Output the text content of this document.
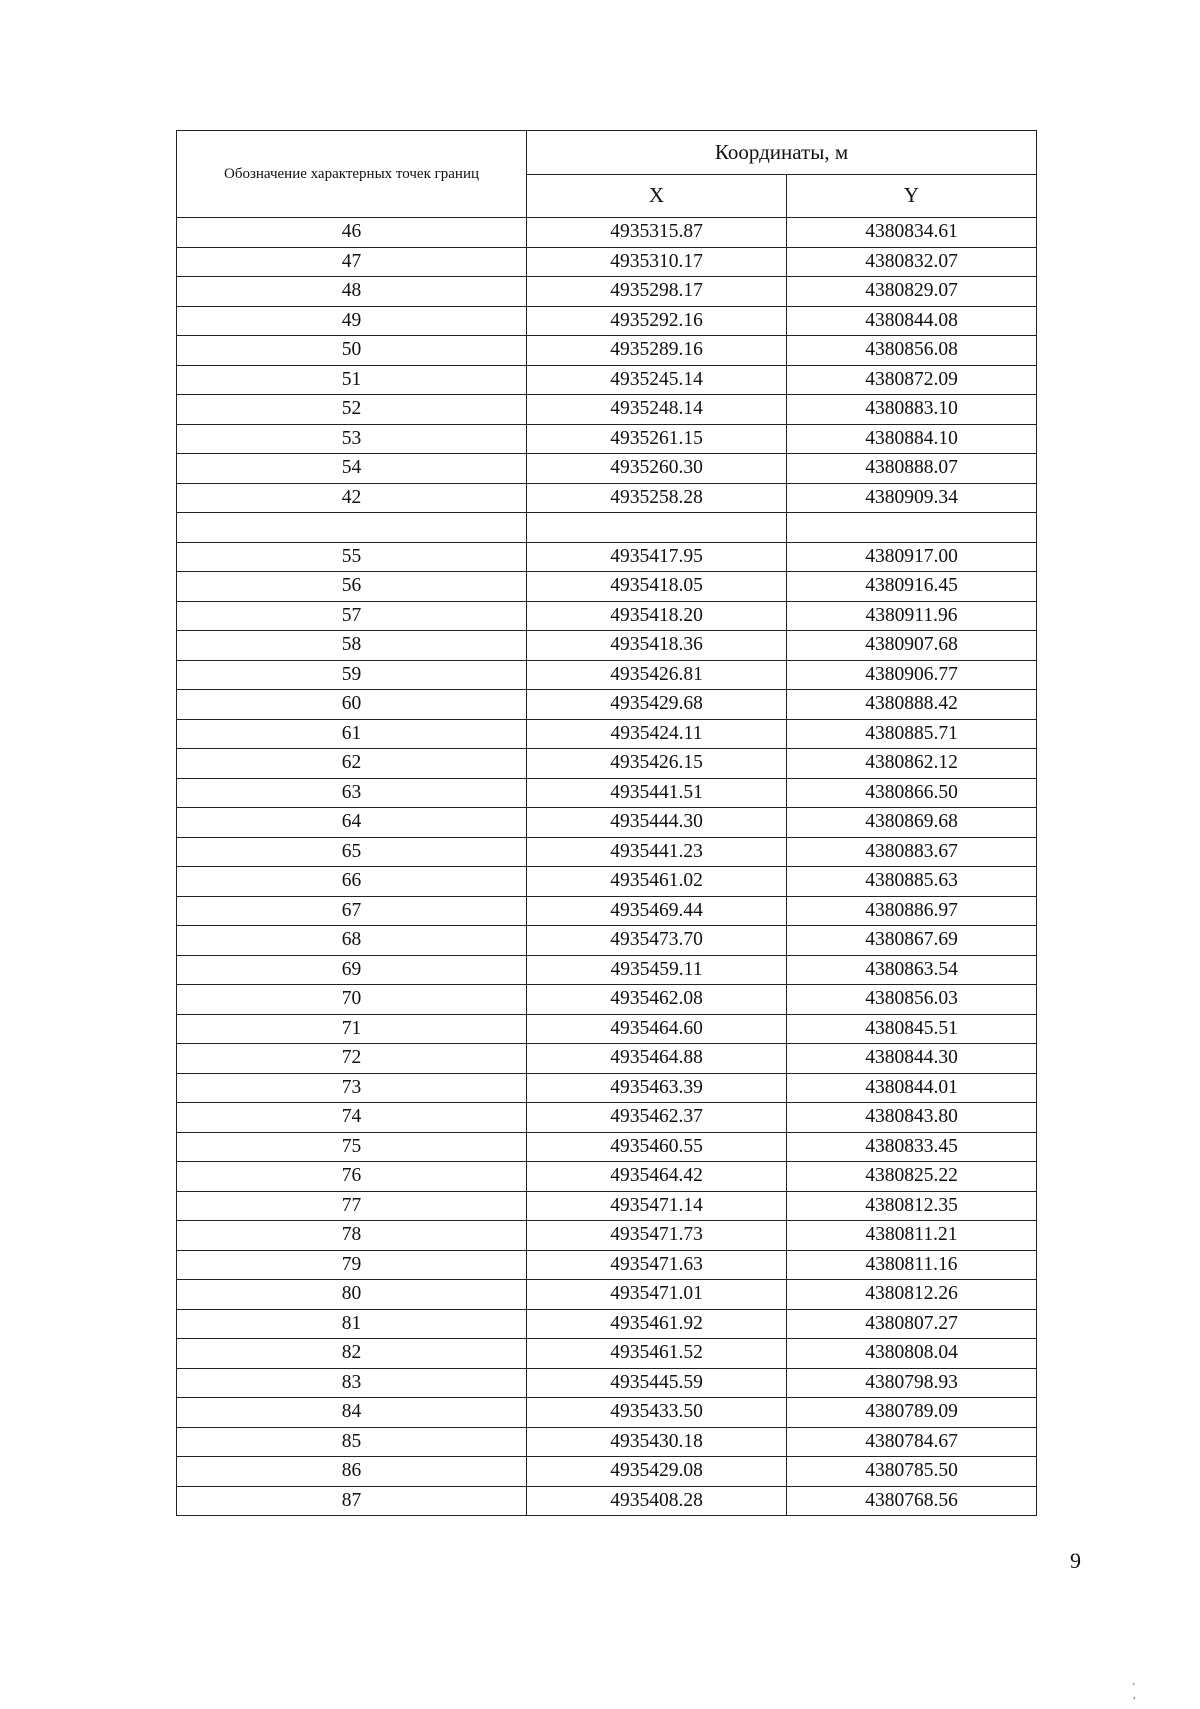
Обозначение характерных точек границ	Координаты, м	
	X	Y
46	4935315.87	4380834.61
47	4935310.17	4380832.07
48	4935298.17	4380829.07
49	4935292.16	4380844.08
50	4935289.16	4380856.08
51	4935245.14	4380872.09
52	4935248.14	4380883.10
53	4935261.15	4380884.10
54	4935260.30	4380888.07
42	4935258.28	4380909.34

55	4935417.95	4380917.00
56	4935418.05	4380916.45
57	4935418.20	4380911.96
58	4935418.36	4380907.68
59	4935426.81	4380906.77
60	4935429.68	4380888.42
61	4935424.11	4380885.71
62	4935426.15	4380862.12
63	4935441.51	4380866.50
64	4935444.30	4380869.68
65	4935441.23	4380883.67
66	4935461.02	4380885.63
67	4935469.44	4380886.97
68	4935473.70	4380867.69
69	4935459.11	4380863.54
70	4935462.08	4380856.03
71	4935464.60	4380845.51
72	4935464.88	4380844.30
73	4935463.39	4380844.01
74	4935462.37	4380843.80
75	4935460.55	4380833.45
76	4935464.42	4380825.22
77	4935471.14	4380812.35
78	4935471.73	4380811.21
79	4935471.63	4380811.16
80	4935471.01	4380812.26
81	4935461.92	4380807.27
82	4935461.52	4380808.04
83	4935445.59	4380798.93
84	4935433.50	4380789.09
85	4935430.18	4380784.67
86	4935429.08	4380785.50
87	4935408.28	4380768.56
9
'
,
